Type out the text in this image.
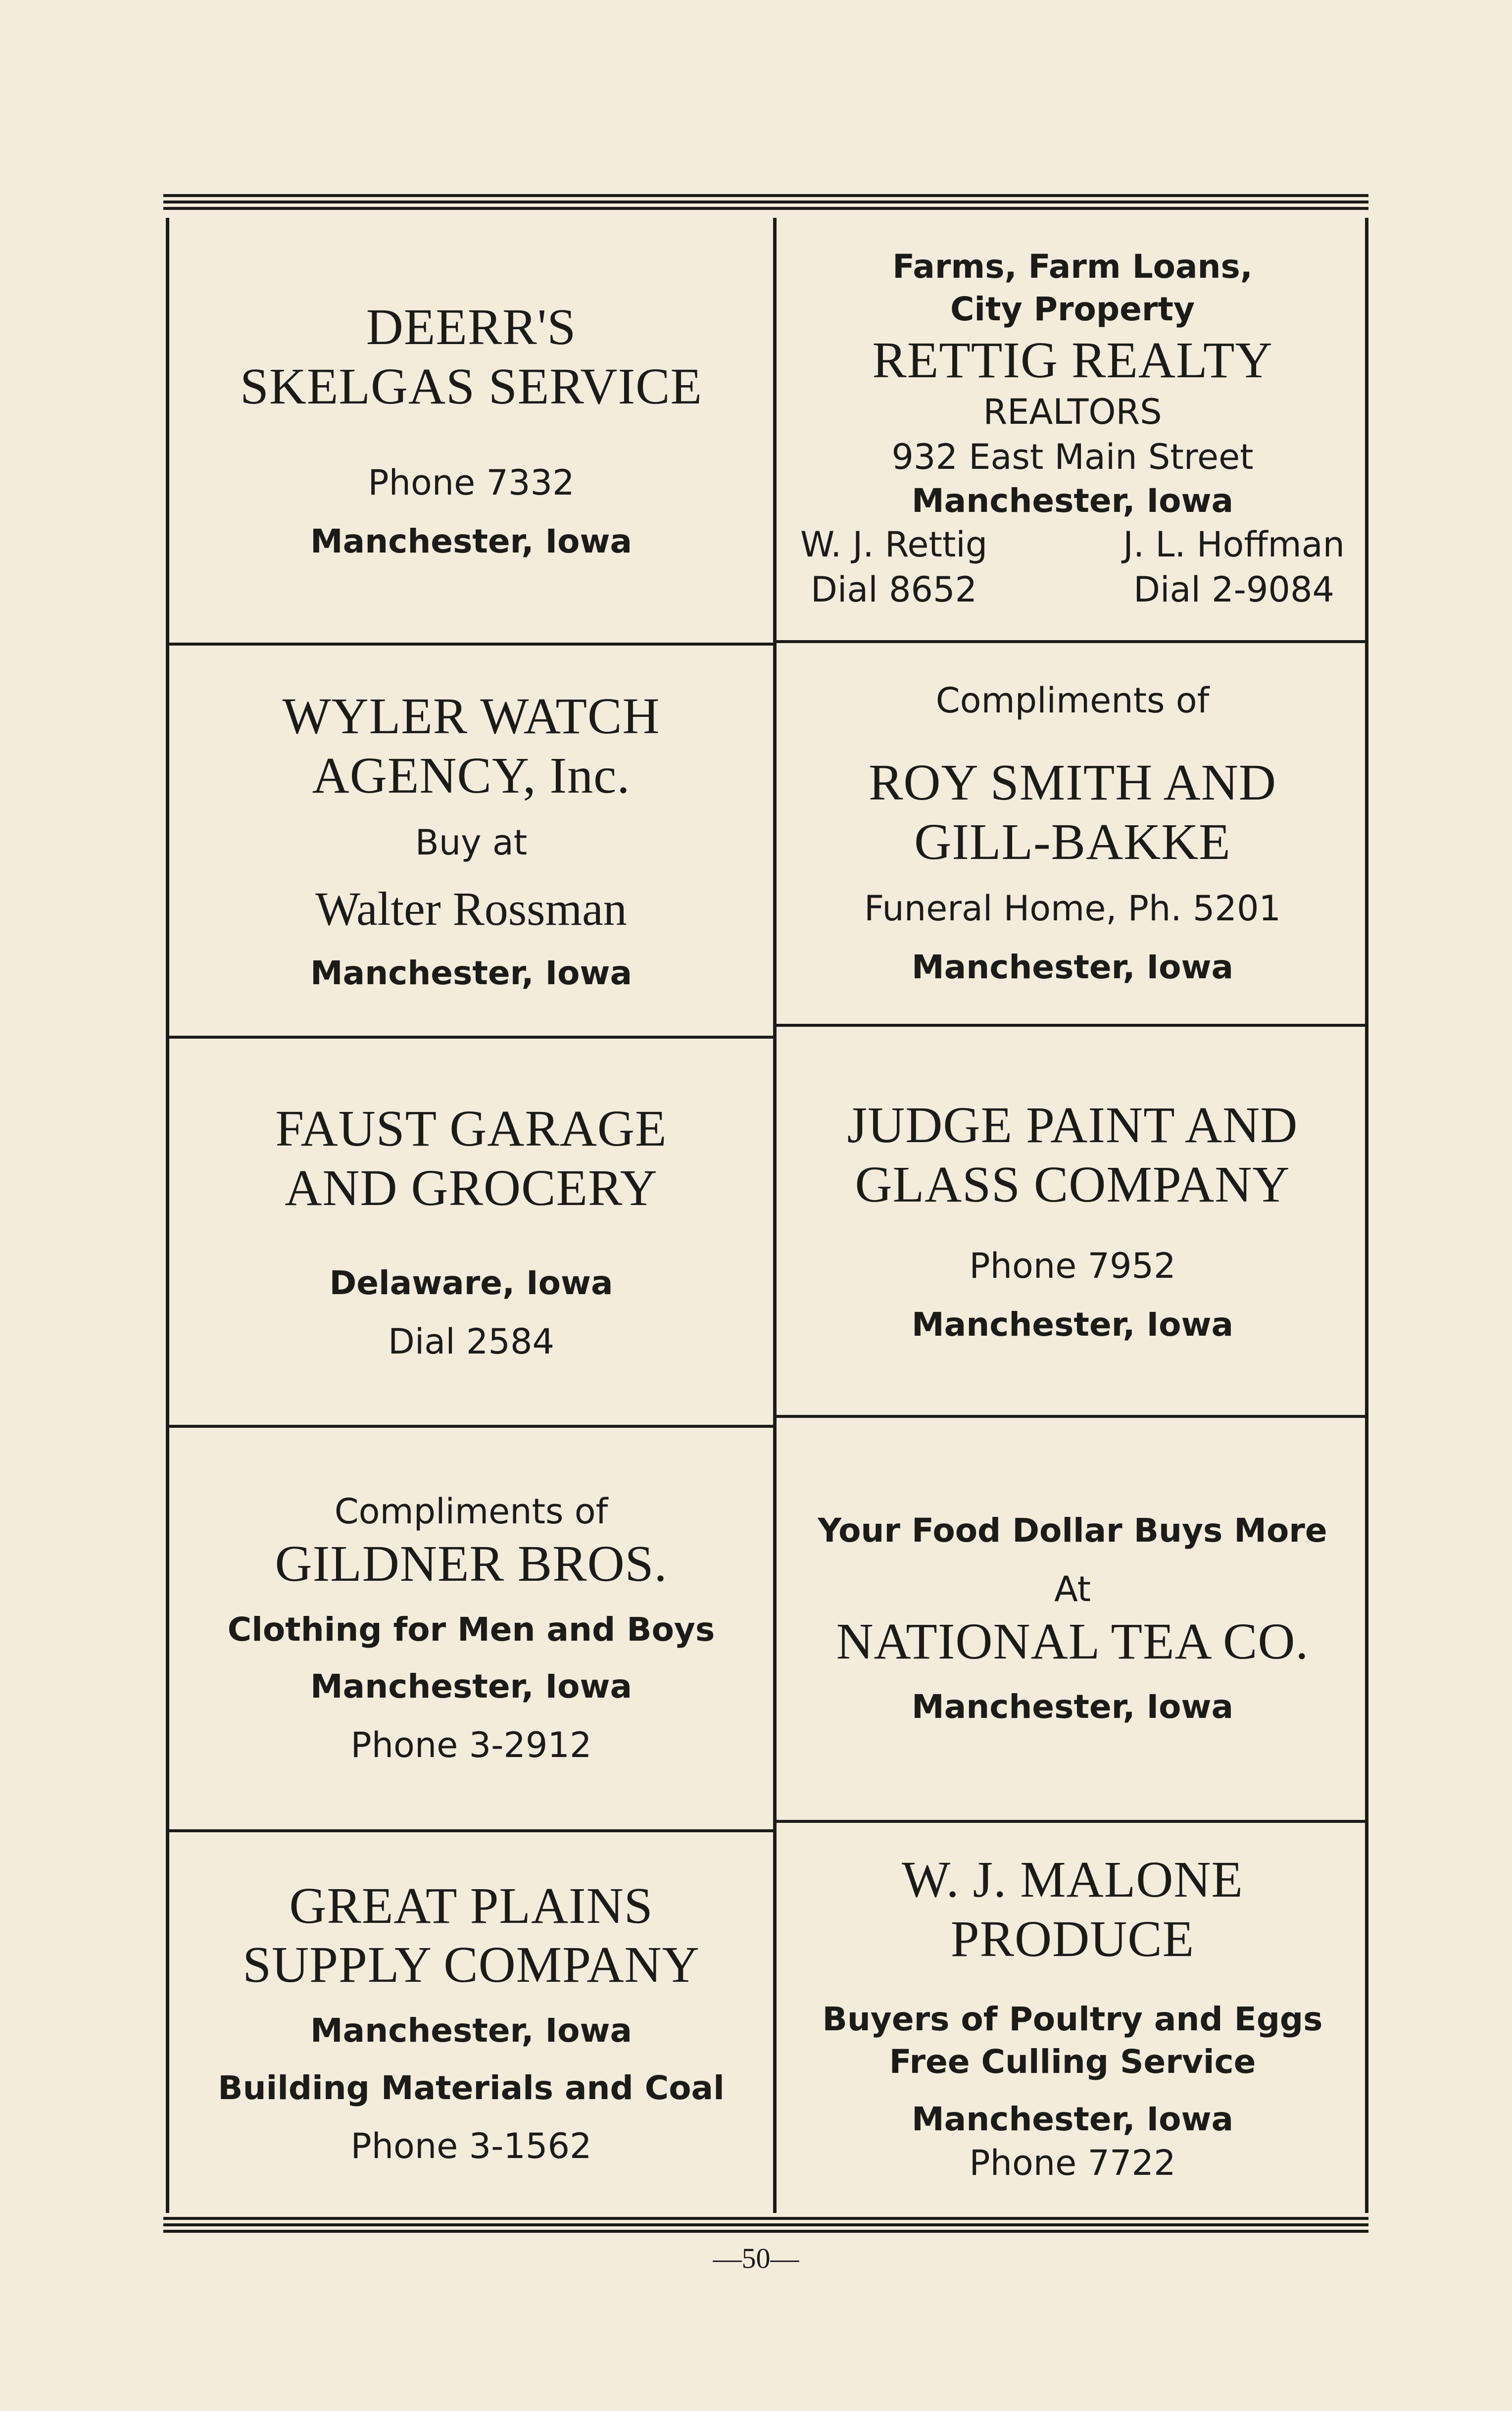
DEERR'S
SKELGAS SERVICE
Phone 7332
Manchester, Iowa
Farms, Farm Loans,
City Property
RETTIG REALTY
REALTORS
932 East Main Street
Manchester, Iowa
W. J. Rettig
Dial 8652
J. L. Hoffman
Dial 2-9084
WYLER WATCH
AGENCY, Inc.
Buy at
Walter Rossman
Manchester, Iowa
Compliments of
ROY SMITH AND
GILL-BAKKE
Funeral Home, Ph. 5201
Manchester, Iowa
FAUST GARAGE
AND GROCERY
Delaware, Iowa
Dial 2584
JUDGE PAINT AND
GLASS COMPANY
Phone 7952
Manchester, Iowa
Compliments of
GILDNER BROS.
Clothing for Men and Boys
Manchester, Iowa
Phone 3-2912
Your Food Dollar Buys More
At
NATIONAL TEA CO.
Manchester, Iowa
GREAT PLAINS
SUPPLY COMPANY
Manchester, Iowa
Building Materials and Coal
Phone 3-1562
W. J. MALONE
PRODUCE
Buyers of Poultry and Eggs
Free Culling Service
Manchester, Iowa
Phone 7722
—50—
